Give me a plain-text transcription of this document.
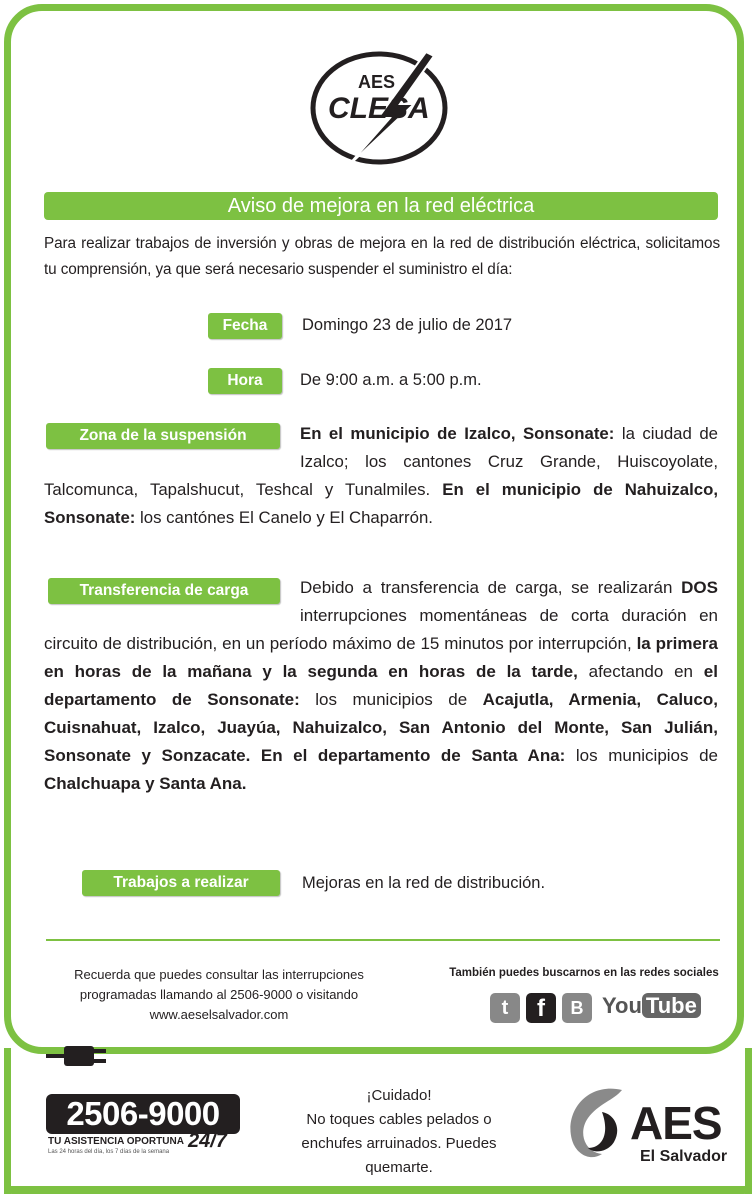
AES
CLESA
Aviso de mejora en la red eléctrica
Para realizar trabajos de inversión y obras de mejora en la red de distribución eléctrica, solicitamos tu comprensión, ya que será necesario suspender el suministro el día:
Fecha	Domingo 23 de julio de 2017
Hora	De 9:00 a.m. a 5:00 p.m.
Zona de la suspensión	En el municipio de Izalco, Sonsonate: la ciudad de Izalco; los cantones Cruz Grande, Huiscoyolate, Talcomunca, Tapalshucut, Teshcal y Tunalmiles. En el municipio de Nahuizalco, Sonsonate: los cantónes El Canelo y El Chaparrón.
Transferencia de carga	Debido a transferencia de carga, se realizarán DOS interrupciones momentáneas de corta duración en circuito de distribución, en un período máximo de 15 minutos por interrupción, la primera en horas de la mañana y la segunda en horas de la tarde, afectando en el departamento de Sonsonate: los municipios de Acajutla, Armenia, Caluco, Cuisnahuat, Izalco, Juayúa, Nahuizalco, San Antonio del Monte, San Julián, Sonsonate y Sonzacate. En el departamento de Santa Ana: los municipios de Chalchuapa y Santa Ana.
Trabajos a realizar	Mejoras en la red de distribución.
Recuerda que puedes consultar las interrupciones
programadas llamando al 2506-9000 o visitando
www.aeselsalvador.com
También puedes buscarnos en las redes sociales
t	f	B You Tube
2506-9000
TU ASISTENCIA OPORTUNA 24/7
Las 24 horas del día, los 7 días de la semana
¡Cuidado!
No toques cables pelados o
enchufes arruinados. Puedes
quemarte.
AES
El Salvador
